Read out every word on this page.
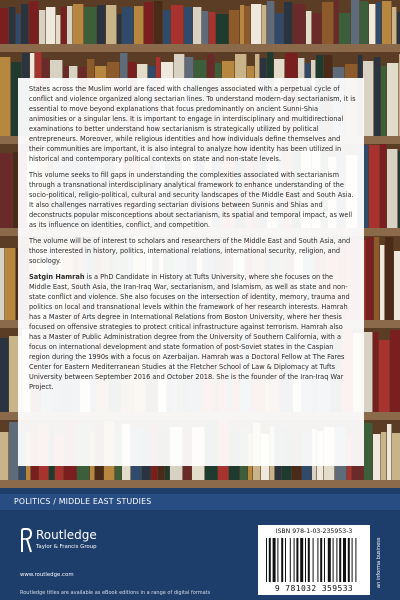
States across the Muslim world are faced with challenges associated with a perpetual cycle of conflict and violence organized along sectarian lines. To understand modern-day sectarianism, it is essential to move beyond explanations that focus predominantly on ancient Sunni-Shia animosities or a singular lens. It is important to engage in interdisciplinary and multidirectional examinations to better understand how sectarianism is strategically utilized by political entrepreneurs. Moreover, while religious identities and how individuals define themselves and their communities are important, it is also integral to analyze how identity has been utilized in historical and contemporary political contexts on state and non-state levels.

This volume seeks to fill gaps in understanding the complexities associated with sectarianism through a transnational interdisciplinary analytical framework to enhance understanding of the socio-political, religio-political, cultural and security landscapes of the Middle East and South Asia. It also challenges narratives regarding sectarian divisions between Sunnis and Shias and deconstructs popular misconceptions about sectarianism, its spatial and temporal impact, as well as its influence on identities, conflict, and competition.

The volume will be of interest to scholars and researchers of the Middle East and South Asia, and those interested in history, politics, international relations, international security, religion, and sociology.

Satgin Hamrah is a PhD Candidate in History at Tufts University, where she focuses on the Middle East, South Asia, the Iran-Iraq War, sectarianism, and Islamism, as well as state and non-state conflict and violence. She also focuses on the intersection of identity, memory, trauma and politics on local and transnational levels within the framework of her research interests. Hamrah has a Master of Arts degree in International Relations from Boston University, where her thesis focused on offensive strategies to protect critical infrastructure against terrorism. Hamrah also has a Master of Public Administration degree from the University of Southern California, with a focus on international development and state formation of post-Soviet states in the Caspian region during the 1990s with a focus on Azerbaijan. Hamrah was a Doctoral Fellow at The Fares Center for Eastern Mediterranean Studies at the Fletcher School of Law & Diplomacy at Tufts University between September 2016 and October 2018. She is the founder of the Iran-Iraq War Project.

POLITICS / MIDDLE EAST STUDIES
Routledge
Taylor & Francis Group
www.routledge.com
Routledge titles are available as eBook editions in a range of digital formats
ISBN 978-1-03-235953-3
9 781032 359533
an informa business
